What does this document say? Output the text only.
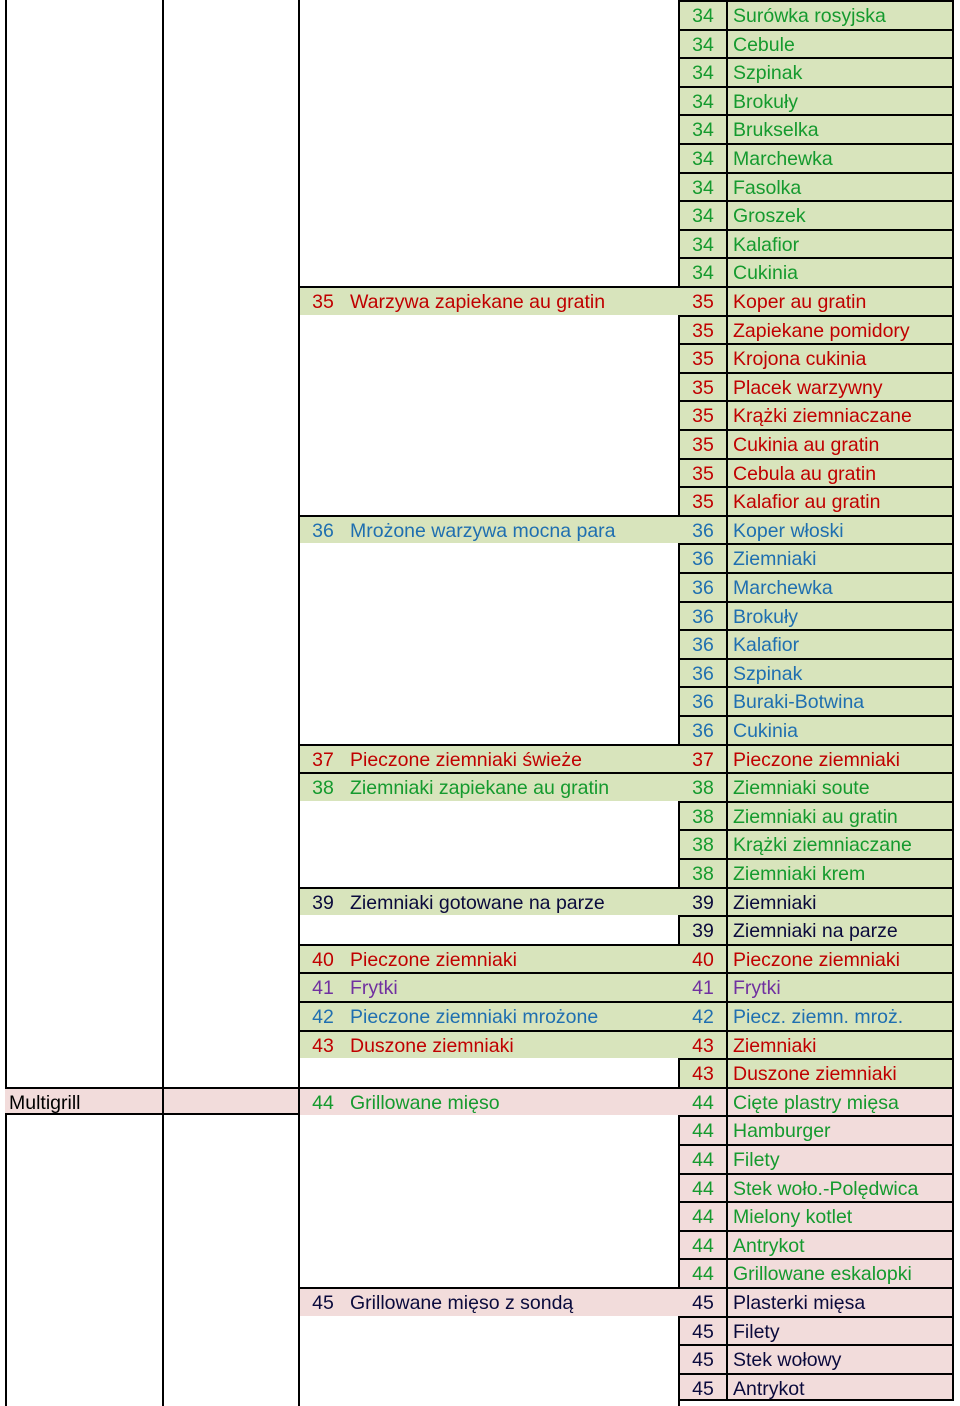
34 Surówka rosyjska
34 Cebule
34 Szpinak
34 Brokuły
34 Brukselka
34 Marchewka
34 Fasolka
34 Groszek
34 Kalafior
34 Cukinia
35 Warzywa zapiekane au gratin	35 Koper au gratin
35 Zapiekane pomidory
35 Krojona cukinia
35 Placek warzywny
35 Krążki ziemniaczane
35 Cukinia au gratin
35 Cebula au gratin
35 Kalafior au gratin
36 Mrożone warzywa mocna para	36 Koper włoski
36 Ziemniaki
36 Marchewka
36 Brokuły
36 Kalafior
36 Szpinak
36 Buraki-Botwina
36 Cukinia
37 Pieczone ziemniaki świeże	37 Pieczone ziemniaki
38 Ziemniaki zapiekane au gratin	38 Ziemniaki soute
38 Ziemniaki au gratin
38 Krążki ziemniaczane
38 Ziemniaki krem
39 Ziemniaki gotowane na parze	39 Ziemniaki
39 Ziemniaki na parze
40 Pieczone ziemniaki	40 Pieczone ziemniaki
41 Frytki	41 Frytki
42 Pieczone ziemniaki mrożone	42 Piecz. ziemn. mroż.
43 Duszone ziemniaki	43 Ziemniaki
43 Duszone ziemniaki
Multigrill	44 Grillowane mięso	44 Cięte plastry mięsa
44 Hamburger
44 Filety
44 Stek woło.-Polędwica
44 Mielony kotlet
44 Antrykot
44 Grillowane eskalopki
45 Grillowane mięso z sondą	45 Plasterki mięsa
45 Filety
45 Stek wołowy
45 Antrykot
